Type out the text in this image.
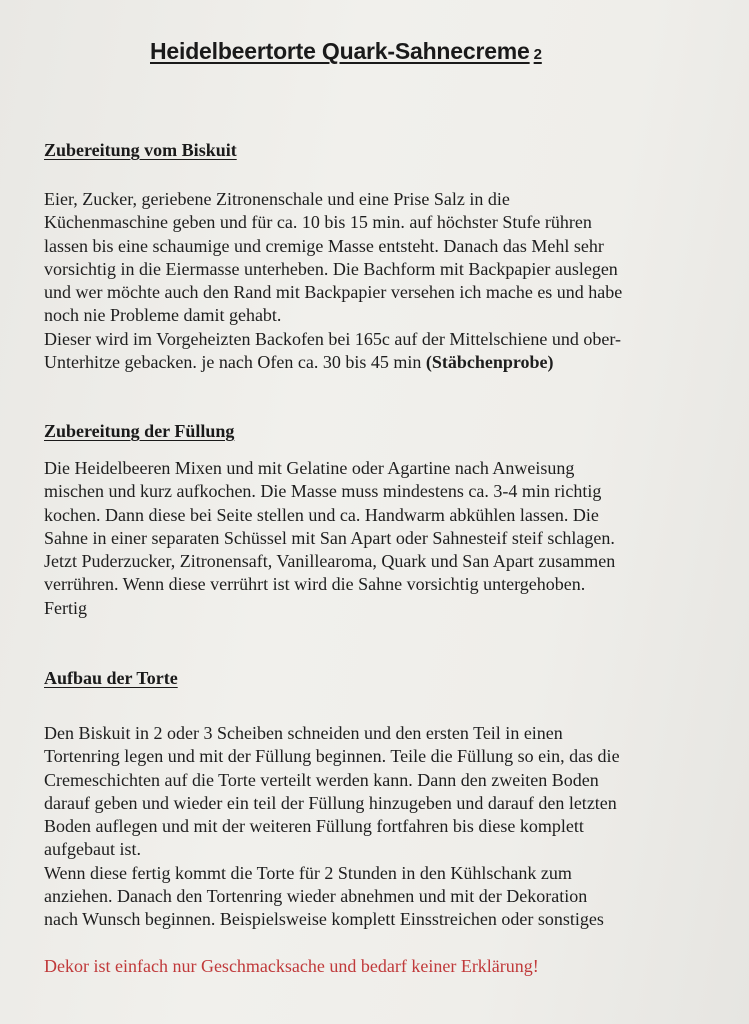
Heidelbeertorte Quark-Sahnecreme 2
Zubereitung vom Biskuit
Eier, Zucker, geriebene Zitronenschale und eine Prise Salz in die
Küchenmaschine geben und für ca. 10 bis 15 min. auf höchster Stufe rühren
lassen bis eine schaumige und cremige Masse entsteht. Danach das Mehl sehr
vorsichtig in die Eiermasse unterheben. Die Bachform mit Backpapier auslegen
und wer möchte auch den Rand mit Backpapier versehen ich mache es und habe
noch nie Probleme damit gehabt.
Dieser wird im Vorgeheizten Backofen bei 165c auf der Mittelschiene und ober-
Unterhitze gebacken. je nach Ofen ca. 30 bis 45 min (Stäbchenprobe)
Zubereitung der Füllung
Die Heidelbeeren Mixen und mit Gelatine oder Agartine nach Anweisung
mischen und kurz aufkochen. Die Masse muss mindestens ca. 3-4 min richtig
kochen. Dann diese bei Seite stellen und ca. Handwarm abkühlen lassen. Die
Sahne in einer separaten Schüssel mit San Apart oder Sahnesteif steif schlagen.
Jetzt Puderzucker, Zitronensaft, Vanillearoma, Quark und San Apart zusammen
verrühren. Wenn diese verrührt ist wird die Sahne vorsichtig untergehoben.
Fertig
Aufbau der Torte
Den Biskuit in 2 oder 3 Scheiben schneiden und den ersten Teil in einen
Tortenring legen und mit der Füllung beginnen. Teile die Füllung so ein, das die
Cremeschichten auf die Torte verteilt werden kann. Dann den zweiten Boden
darauf geben und wieder ein teil der Füllung hinzugeben und darauf den letzten
Boden auflegen und mit der weiteren Füllung fortfahren bis diese komplett
aufgebaut ist.
Wenn diese fertig kommt die Torte für 2 Stunden in den Kühlschank zum
anziehen. Danach den Tortenring wieder abnehmen und mit der Dekoration
nach Wunsch beginnen. Beispielsweise komplett Einsstreichen oder sonstiges
Dekor ist einfach nur Geschmacksache und bedarf keiner Erklärung!
